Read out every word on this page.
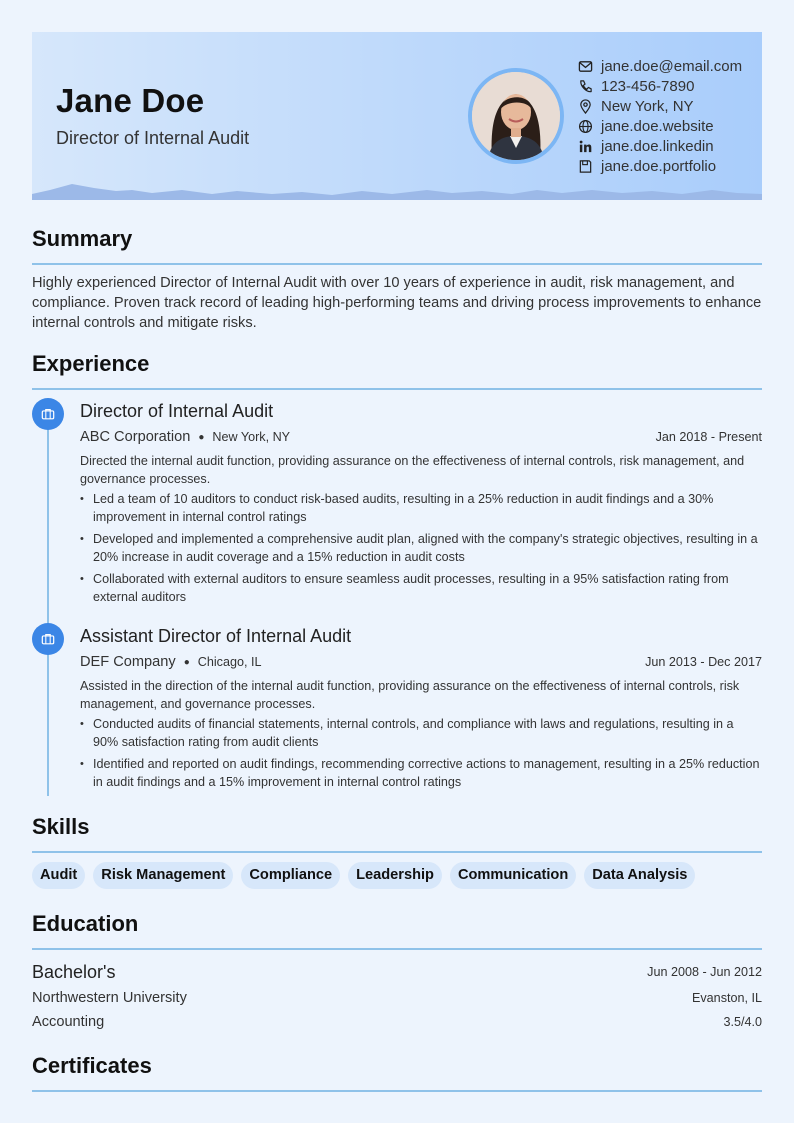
Jane Doe
Director of Internal Audit
jane.doe@email.com
123-456-7890
New York, NY
jane.doe.website
jane.doe.linkedin
jane.doe.portfolio
Summary
Highly experienced Director of Internal Audit with over 10 years of experience in audit, risk management, and compliance. Proven track record of leading high-performing teams and driving process improvements to enhance internal controls and mitigate risks.
Experience
Director of Internal Audit
ABC Corporation ● New York, NY	Jan 2018 - Present
Directed the internal audit function, providing assurance on the effectiveness of internal controls, risk management, and governance processes.
• Led a team of 10 auditors to conduct risk-based audits, resulting in a 25% reduction in audit findings and a 30% improvement in internal control ratings
• Developed and implemented a comprehensive audit plan, aligned with the company's strategic objectives, resulting in a 20% increase in audit coverage and a 15% reduction in audit costs
• Collaborated with external auditors to ensure seamless audit processes, resulting in a 95% satisfaction rating from external auditors
Assistant Director of Internal Audit
DEF Company ● Chicago, IL	Jun 2013 - Dec 2017
Assisted in the direction of the internal audit function, providing assurance on the effectiveness of internal controls, risk management, and governance processes.
• Conducted audits of financial statements, internal controls, and compliance with laws and regulations, resulting in a 90% satisfaction rating from audit clients
• Identified and reported on audit findings, recommending corrective actions to management, resulting in a 25% reduction in audit findings and a 15% improvement in internal control ratings
Skills
Audit	Risk Management	Compliance	Leadership	Communication	Data Analysis
Education
Bachelor's	Jun 2008 - Jun 2012
Northwestern University	Evanston, IL
Accounting	3.5/4.0
Certificates
